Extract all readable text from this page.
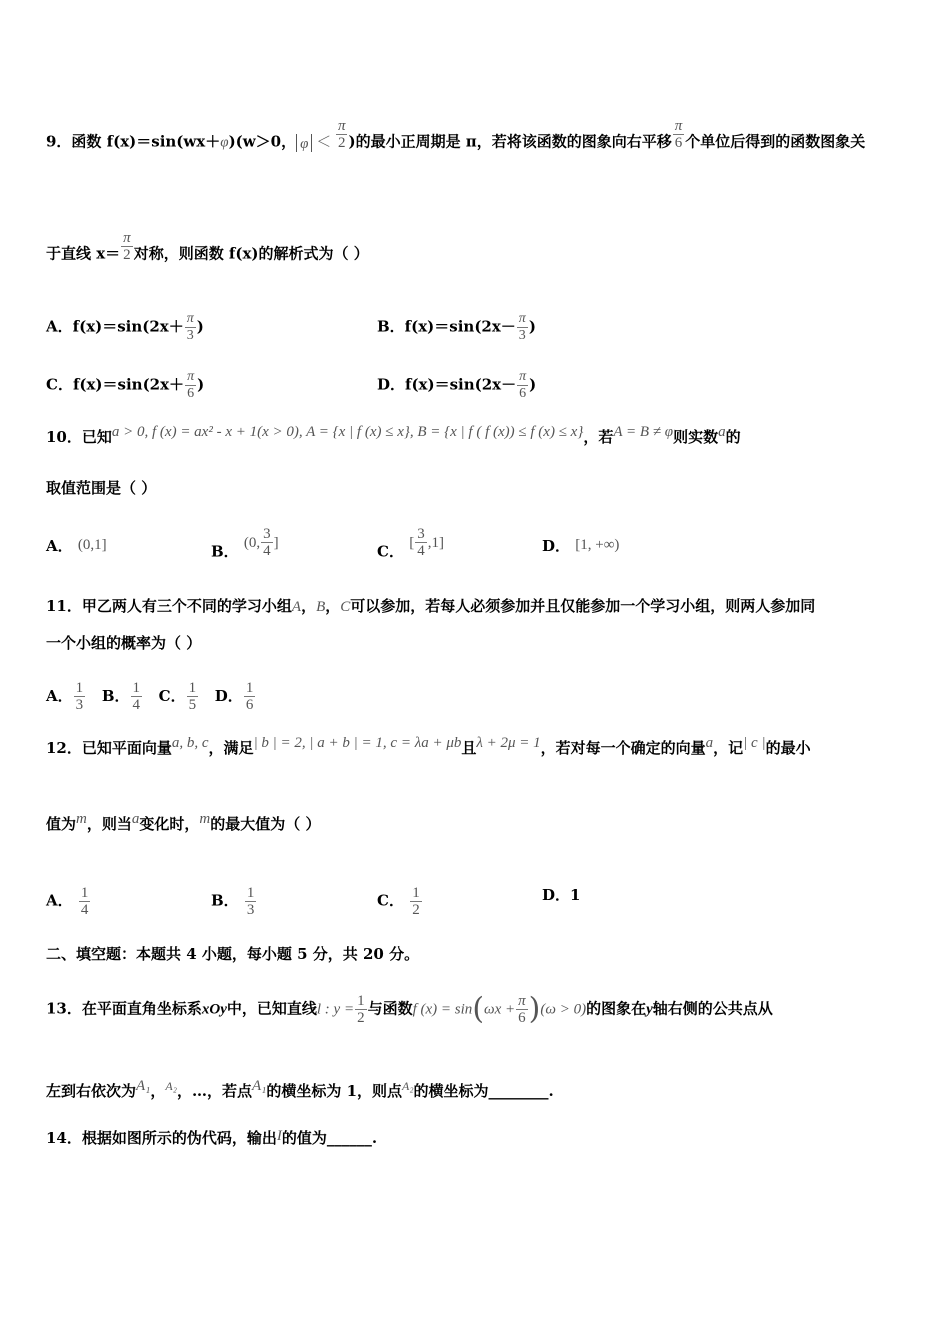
9．函数 f(x)＝sin(wx＋φ)(w＞0， $\varphi < \frac{\pi}{2}$ )的最小正周期是 π，若将该函数的图象向右平移 $\frac{\pi}{6}$ 个单位后得到的函数图象关
于直线 $x= \frac{\pi}{2}$ 对称，则函数 f(x)的解析式为（ ）
A．$f(x)=\sin(2x+ \frac{\pi}{3}$ )	B．$f(x)=\sin(2x- \frac{\pi}{3}$ )
C．$f(x)=\sin(2x+ \frac{\pi}{6}$ )	D．$f(x)=\sin(2x- \frac{\pi}{6}$ )
10．已知a > 0, f (x) = ax² - x + 1(x > 0), A = {x | f (x) ≤ x}, B = {x | f ( f (x)) ≤ f (x) ≤ x}，若A = B ≠ φ则实数a的
取值范围是（ ）
A． (0,1]	B． (0, $\frac{3}{4}$ ]	C． [ $\frac{3}{4} ,1$]	D． [1, +∞)
11．甲乙两人有三个不同的学习小组A，B，C可以参加，若每人必须参加并且仅能参加一个学习小组，则两人参加同
一个小组的概率为（ ）
A． $\frac{1}{3}$ B． $\frac{1}{4}$ C． $\frac{1}{5}$ D． $\frac{1}{6}$
12．已知平面向量a, b, c，满足| b | = 2, | a + b | = 1, c = λa + μb且λ + 2μ = 1，若对每一个确定的向量a，记| c |的最小
值为m，则当a变化时，m的最大值为（ ）
A． $\frac{1}{4}$	B． $\frac{1}{3}$	C． $\frac{1}{2}$	D．1
二、填空题：本题共 4 小题，每小题 5 分，共 20 分。
13．在平面直角坐标系xOy中，已知直线l : $y = \frac{1}{2}$ 与函数f $(x) = \sin(\omega x + \frac{\pi}{6} )(\omega > 0)$的图象在y轴右侧的公共点从
左到右依次为A₁，$^{A_2}$，…，若点A₁的横坐标为 1，则点$^{A_2}$的横坐标为________.
14．根据如图所示的伪代码，输出I的值为______.
